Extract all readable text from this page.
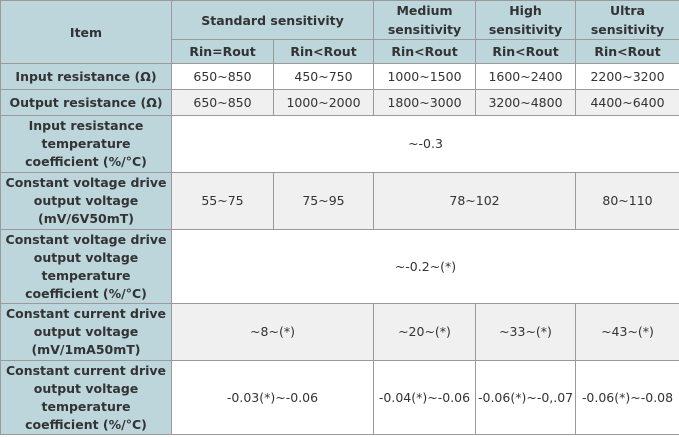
Item	Standard sensitivity		Medium sensitivity	High sensitivity	Ultra sensitivity
	Rin=Rout	Rin<Rout	Rin<Rout	Rin<Rout	Rin<Rout
Input resistance (Ω)	650~850	450~750	1000~1500	1600~2400	2200~3200
Output resistance (Ω)	650~850	1000~2000	1800~3000	3200~4800	4400~6400
Input resistance temperature coefficient (%/°C)	~-0.3				
Constant voltage drive output voltage (mV/6V50mT)	55~75	75~95	78~102		80~110
Constant voltage drive output voltage temperature coefficient (%/°C)	~-0.2~(*)				
Constant current drive output voltage (mV/1mA50mT)	~8~(*)		~20~(*)	~33~(*)	~43~(*)
Constant current drive output voltage temperature coefficient (%/°C)	-0.03(*)~-0.06		-0.04(*)~-0.06	-0.06(*)~-0,.07	-0.06(*)~-0.08
